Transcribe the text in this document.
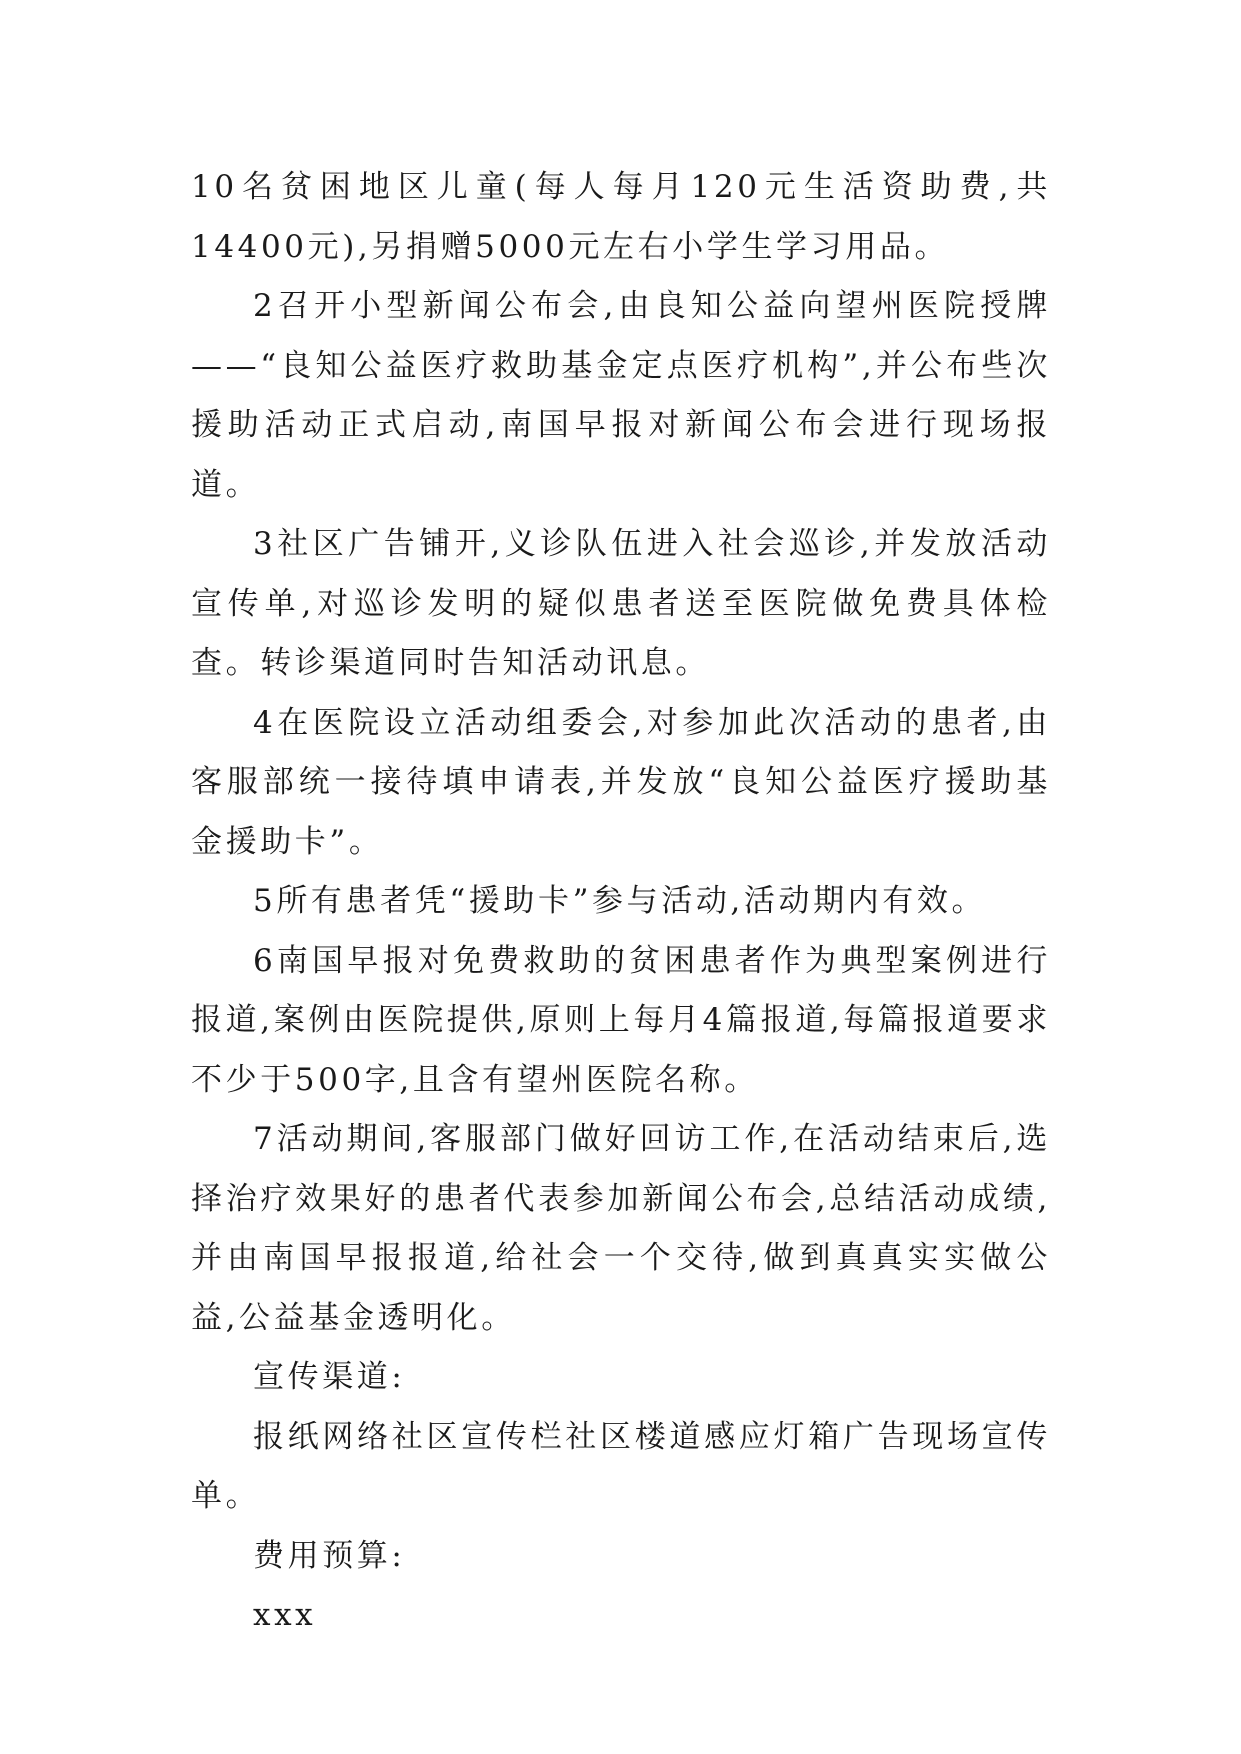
10名贫困地区儿童(每人每月120元生活资助费,共14400元),另捐赠5000元左右小学生学习用品。

2召开小型新闻公布会,由良知公益向望州医院授牌——“良知公益医疗救助基金定点医疗机构”,并公布些次援助活动正式启动,南国早报对新闻公布会进行现场报道。

3社区广告铺开,义诊队伍进入社会巡诊,并发放活动宣传单,对巡诊发明的疑似患者送至医院做免费具体检查。转诊渠道同时告知活动讯息。

4在医院设立活动组委会,对参加此次活动的患者,由客服部统一接待填申请表,并发放“良知公益医疗援助基金援助卡”。

5所有患者凭“援助卡”参与活动,活动期内有效。

6南国早报对免费救助的贫困患者作为典型案例进行报道,案例由医院提供,原则上每月4篇报道,每篇报道要求不少于500字,且含有望州医院名称。

7活动期间,客服部门做好回访工作,在活动结束后,选择治疗效果好的患者代表参加新闻公布会,总结活动成绩,并由南国早报报道,给社会一个交待,做到真真实实做公益,公益基金透明化。

宣传渠道:

报纸网络社区宣传栏社区楼道感应灯箱广告现场宣传单。

费用预算:

xxx
